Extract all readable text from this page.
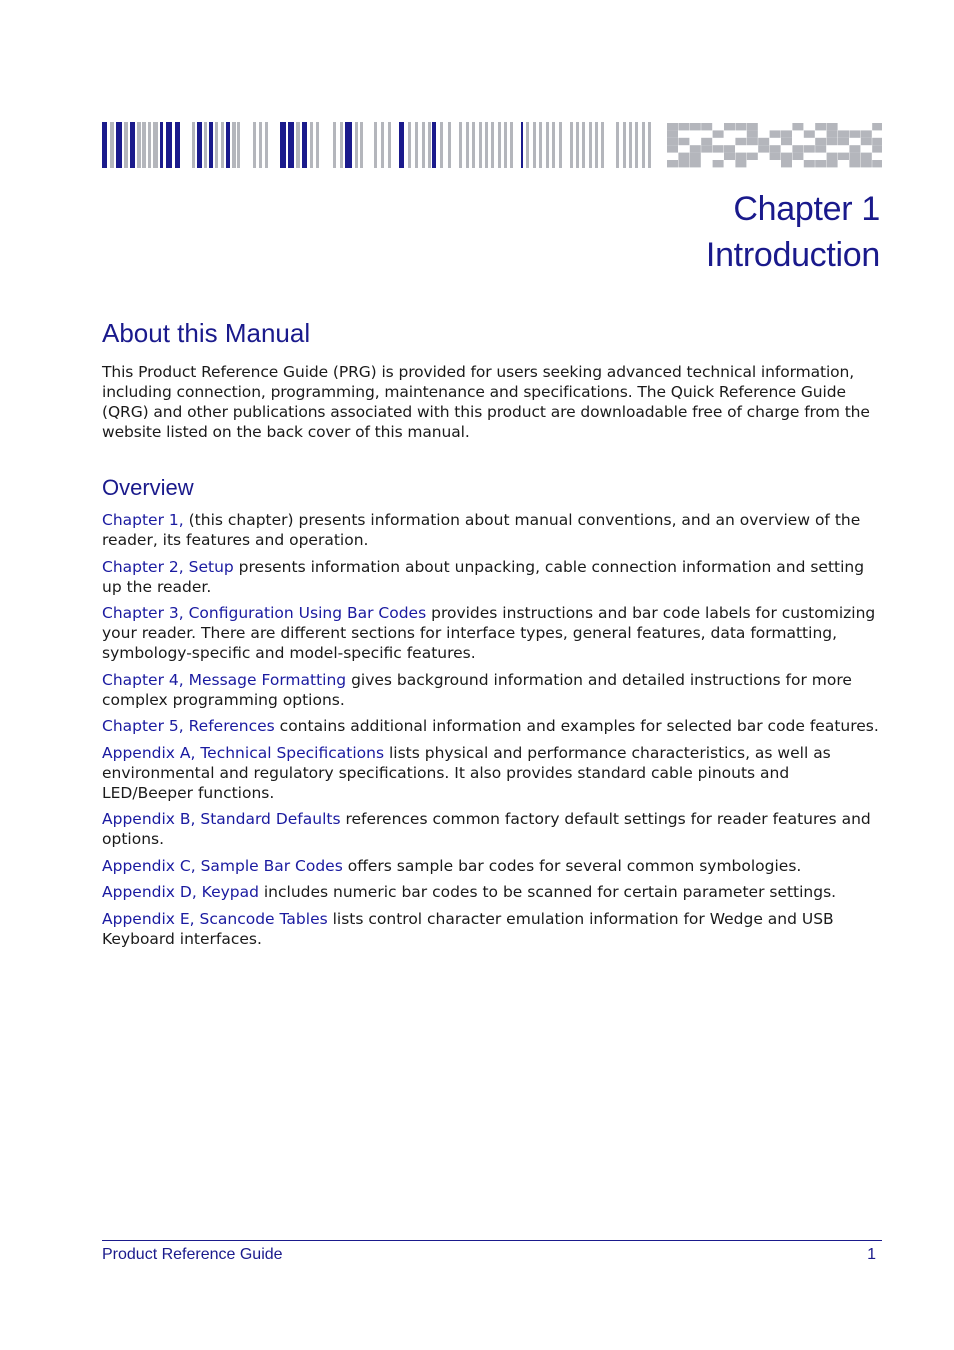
Chapter 1
Introduction
About this Manual

This Product Reference Guide (PRG) is provided for users seeking advanced technical information, including connection, programming, maintenance and specifications. The Quick Reference Guide (QRG) and other publications associated with this product are downloadable free of charge from the website listed on the back cover of this manual.

Overview

Chapter 1, (this chapter) presents information about manual conventions, and an overview of the reader, its features and operation.

Chapter 2, Setup presents information about unpacking, cable connection information and setting up the reader.

Chapter 3, Configuration Using Bar Codes provides instructions and bar code labels for customizing your reader. There are different sections for interface types, general features, data formatting, symbology-specific and model-specific features.

Chapter 4, Message Formatting gives background information and detailed instructions for more complex programming options.

Chapter 5, References contains additional information and examples for selected bar code features.

Appendix A, Technical Specifications lists physical and performance characteristics, as well as environmental and regulatory specifications. It also provides standard cable pinouts and LED/Beeper functions.

Appendix B, Standard Defaults references common factory default settings for reader features and options.

Appendix C, Sample Bar Codes offers sample bar codes for several common symbologies.

Appendix D, Keypad includes numeric bar codes to be scanned for certain parameter settings.

Appendix E, Scancode Tables lists control character emulation information for Wedge and USB Keyboard interfaces.

Product Reference Guide	1
